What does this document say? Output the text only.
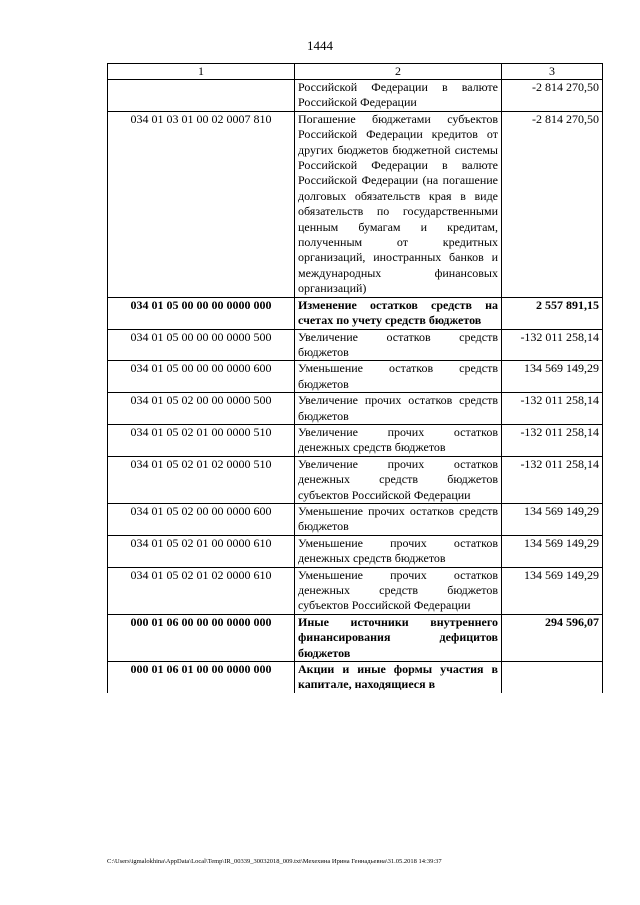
1444
1	2	3
	Российской Федерации в валюте Российской Федерации	-2 814 270,50
034 01 03 01 00 02 0007 810	Погашение бюджетами субъектов Российской Федерации кредитов от других бюджетов бюджетной системы Российской Федерации в валюте Российской Федерации (на погашение долговых обязательств края в виде обязательств по государственными ценным бумагам и кредитам, полученным от кредитных организаций, иностранных банков и международных финансовых организаций)	-2 814 270,50
034 01 05 00 00 00 0000 000	Изменение остатков средств на счетах по учету средств бюджетов	2 557 891,15
034 01 05 00 00 00 0000 500	Увеличение остатков средств бюджетов	-132 011 258,14
034 01 05 00 00 00 0000 600	Уменьшение остатков средств бюджетов	134 569 149,29
034 01 05 02 00 00 0000 500	Увеличение прочих остатков средств бюджетов	-132 011 258,14
034 01 05 02 01 00 0000 510	Увеличение прочих остатков денежных средств бюджетов	-132 011 258,14
034 01 05 02 01 02 0000 510	Увеличение прочих остатков денежных средств бюджетов субъектов Российской Федерации	-132 011 258,14
034 01 05 02 00 00 0000 600	Уменьшение прочих остатков средств бюджетов	134 569 149,29
034 01 05 02 01 00 0000 610	Уменьшение прочих остатков денежных средств бюджетов	134 569 149,29
034 01 05 02 01 02 0000 610	Уменьшение прочих остатков денежных средств бюджетов субъектов Российской Федерации	134 569 149,29
000 01 06 00 00 00 0000 000	Иные источники внутреннего финансирования дефицитов бюджетов	294 596,07
000 01 06 01 00 00 0000 000	Акции и иные формы участия в капитале, находящиеся в	
C:\Users\igmalokhina\AppData\Local\Temp\IR_00339_30032018_009.txt\Мехехина Ирина Геннадьевна\31.05.2018 14:39:37
